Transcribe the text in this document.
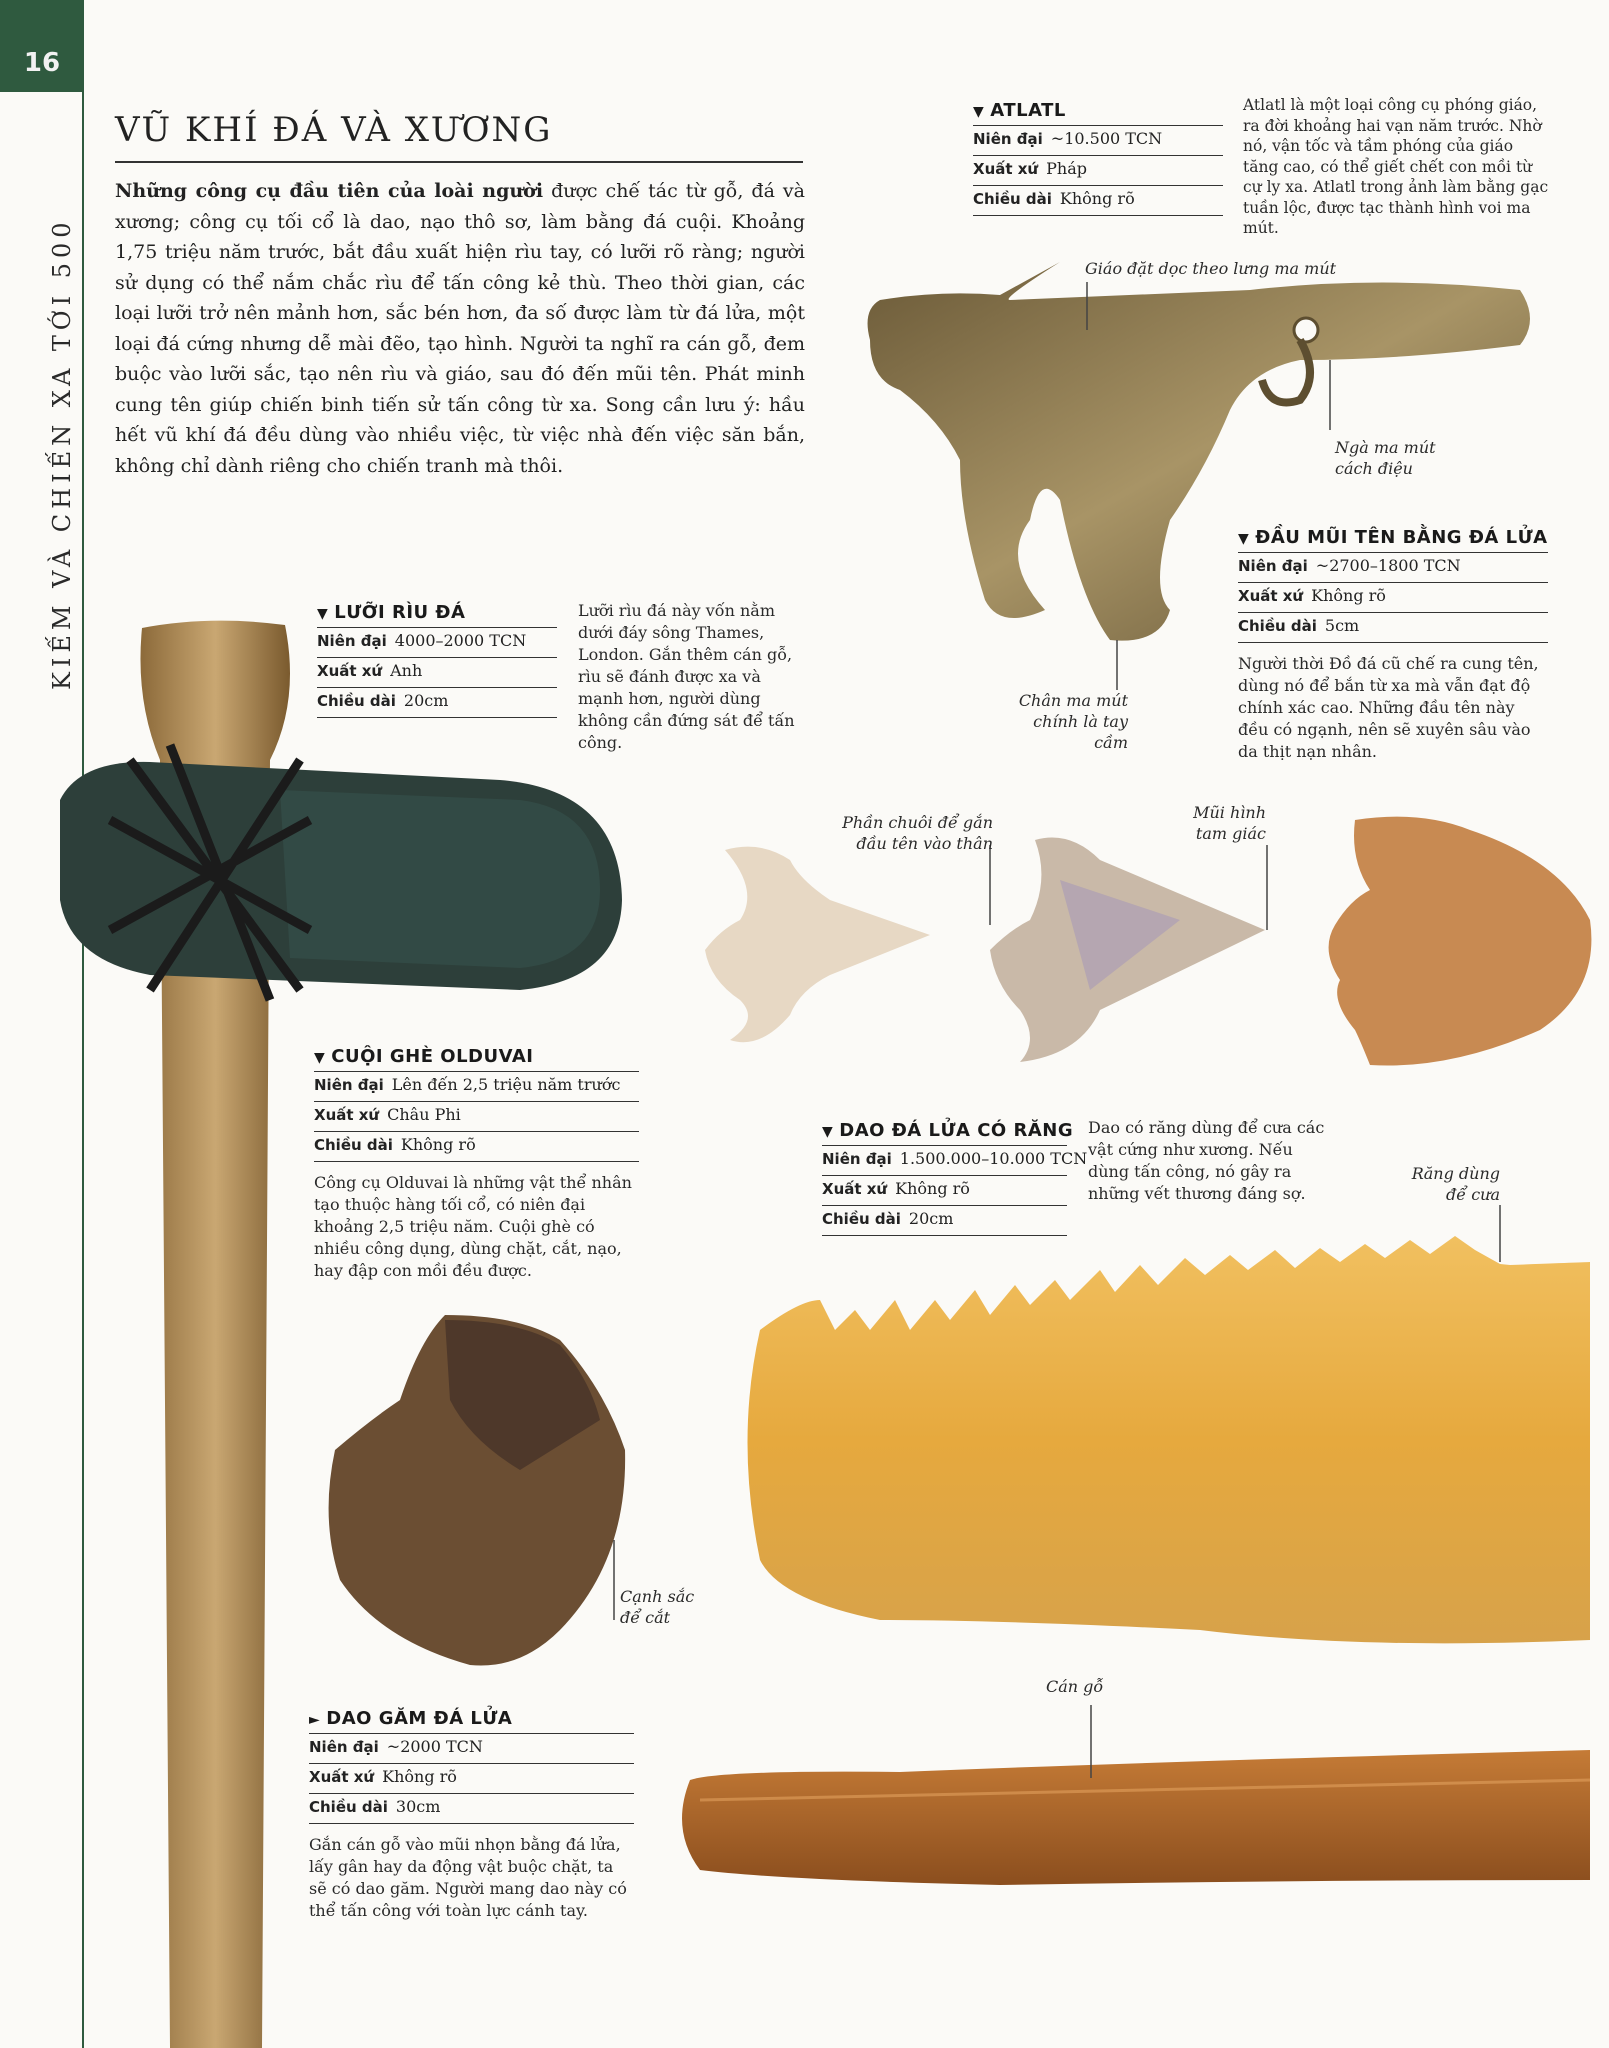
16
KIẾM VÀ CHIẾN XA TỚI 500
VŨ KHÍ ĐÁ VÀ XƯƠNG
Những công cụ đầu tiên của loài người được chế tác từ gỗ, đá và xương; công cụ tối cổ là dao, nạo thô sơ, làm bằng đá cuội. Khoảng 1,75 triệu năm trước, bắt đầu xuất hiện rìu tay, có lưỡi rõ ràng; người sử dụng có thể nắm chắc rìu để tấn công kẻ thù. Theo thời gian, các loại lưỡi trở nên mảnh hơn, sắc bén hơn, đa số được làm từ đá lửa, một loại đá cứng nhưng dễ mài đẽo, tạo hình. Người ta nghĩ ra cán gỗ, đem buộc vào lưỡi sắc, tạo nên rìu và giáo, sau đó đến mũi tên. Phát minh cung tên giúp chiến binh tiến sử tấn công từ xa. Song cần lưu ý: hầu hết vũ khí đá đều dùng vào nhiều việc, từ việc nhà đến việc săn bắn, không chỉ dành riêng cho chiến tranh mà thôi.
▼ ATLATL
Niên đại ~10.500 TCN
Xuất xứ Pháp
Chiều dài Không rõ
Atlatl là một loại công cụ phóng giáo, ra đời khoảng hai vạn năm trước. Nhờ nó, vận tốc và tầm phóng của giáo tăng cao, có thể giết chết con mồi từ cự ly xa. Atlatl trong ảnh làm bằng gạc tuần lộc, được tạc thành hình voi ma mút.
Giáo đặt dọc theo lưng ma mút
Ngà ma mút cách điệu
Chân ma mút chính là tay cầm
▼ ĐẦU MŨI TÊN BẰNG ĐÁ LỬA
Niên đại ~2700–1800 TCN
Xuất xứ Không rõ
Chiều dài 5cm
Người thời Đồ đá cũ chế ra cung tên, dùng nó để bắn từ xa mà vẫn đạt độ chính xác cao. Những đầu tên này đều có ngạnh, nên sẽ xuyên sâu vào da thịt nạn nhân.
Phần chuôi để gắn đầu tên vào thân
Mũi hình tam giác
▼ LƯỠI RÌU ĐÁ
Niên đại 4000–2000 TCN
Xuất xứ Anh
Chiều dài 20cm
Lưỡi rìu đá này vốn nằm dưới đáy sông Thames, London. Gắn thêm cán gỗ, rìu sẽ đánh được xa và mạnh hơn, người dùng không cần đứng sát để tấn công.
▼ CUỘI GHÈ OLDUVAI
Niên đại Lên đến 2,5 triệu năm trước
Xuất xứ Châu Phi
Chiều dài Không rõ
Công cụ Olduvai là những vật thể nhân tạo thuộc hàng tối cổ, có niên đại khoảng 2,5 triệu năm. Cuội ghè có nhiều công dụng, dùng chặt, cắt, nạo, hay đập con mồi đều được.
Cạnh sắc để cắt
▼ DAO ĐÁ LỬA CÓ RĂNG
Niên đại 1.500.000–10.000 TCN
Xuất xứ Không rõ
Chiều dài 20cm
Dao có răng dùng để cưa các vật cứng như xương. Nếu dùng tấn công, nó gây ra những vết thương đáng sợ.
Răng dùng để cưa
► DAO GĂM ĐÁ LỬA
Niên đại ~2000 TCN
Xuất xứ Không rõ
Chiều dài 30cm
Gắn cán gỗ vào mũi nhọn bằng đá lửa, lấy gân hay da động vật buộc chặt, ta sẽ có dao găm. Người mang dao này có thể tấn công với toàn lực cánh tay.
Cán gỗ
